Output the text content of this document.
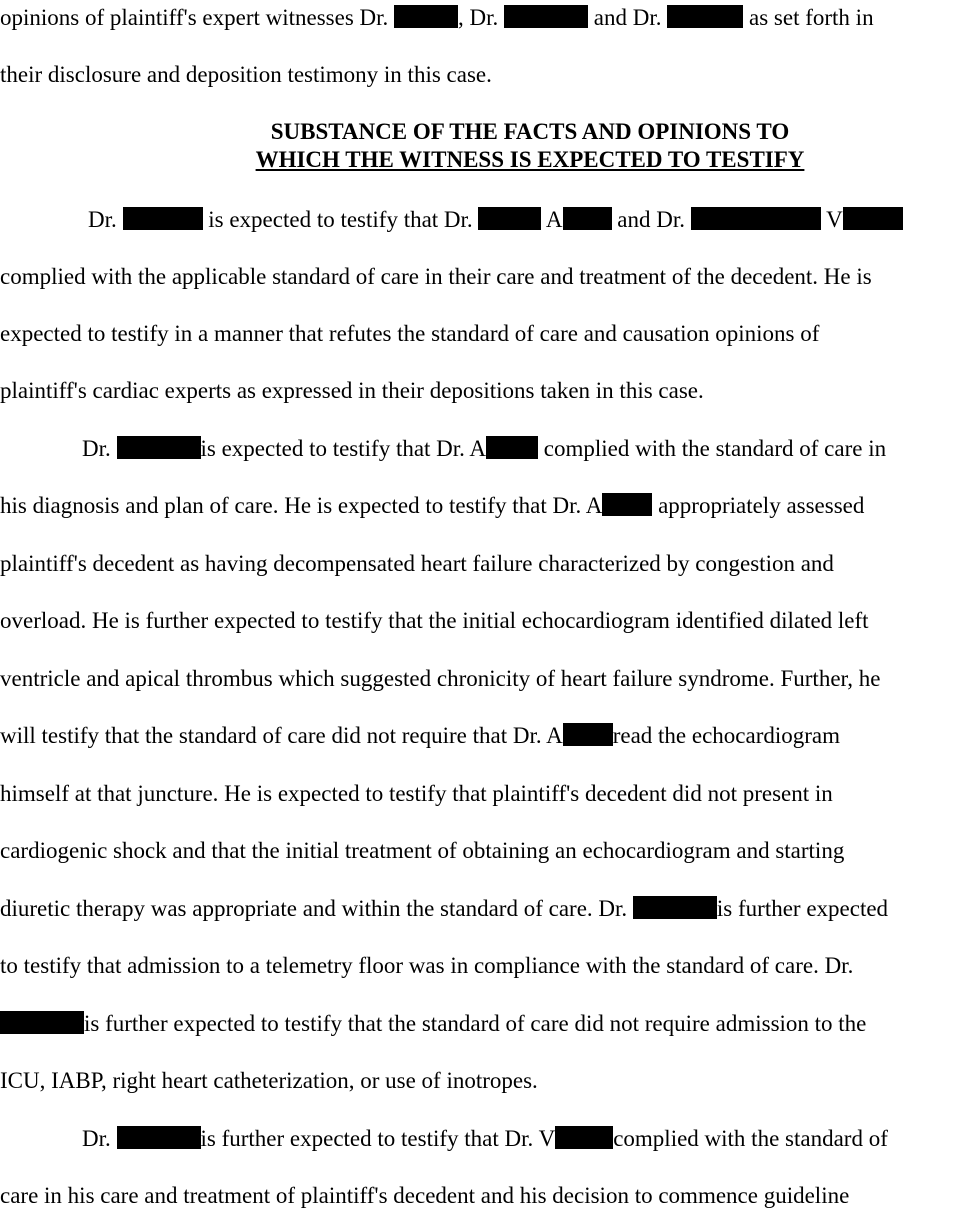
opinions of plaintiff's expert witnesses Dr.	, Dr.	and Dr.	as set forth in
their disclosure and deposition testimony in this case.
SUBSTANCE OF THE FACTS AND OPINIONS TO
WHICH THE WITNESS IS EXPECTED TO TESTIFY
Dr.	is expected to testify that Dr.	A and Dr.	V
complied with the applicable standard of care in their care and treatment of the decedent. He is
expected to testify in a manner that refutes the standard of care and causation opinions of
plaintiff's cardiac experts as expressed in their depositions taken in this case.
Dr.	is expected to testify that Dr. A complied with the standard of care in
his diagnosis and plan of care. He is expected to testify that Dr. A appropriately assessed
plaintiff's decedent as having decompensated heart failure characterized by congestion and
overload. He is further expected to testify that the initial echocardiogram identified dilated left
ventricle and apical thrombus which suggested chronicity of heart failure syndrome. Further, he
will testify that the standard of care did not require that Dr. A read the echocardiogram
himself at that juncture. He is expected to testify that plaintiff's decedent did not present in
cardiogenic shock and that the initial treatment of obtaining an echocardiogram and starting
diuretic therapy was appropriate and within the standard of care. Dr.	is further expected
to testify that admission to a telemetry floor was in compliance with the standard of care. Dr.
is further expected to testify that the standard of care did not require admission to the
ICU, IABP, right heart catheterization, or use of inotropes.
Dr.	is further expected to testify that Dr. V	complied with the standard of
care in his care and treatment of plaintiff's decedent and his decision to commence guideline
